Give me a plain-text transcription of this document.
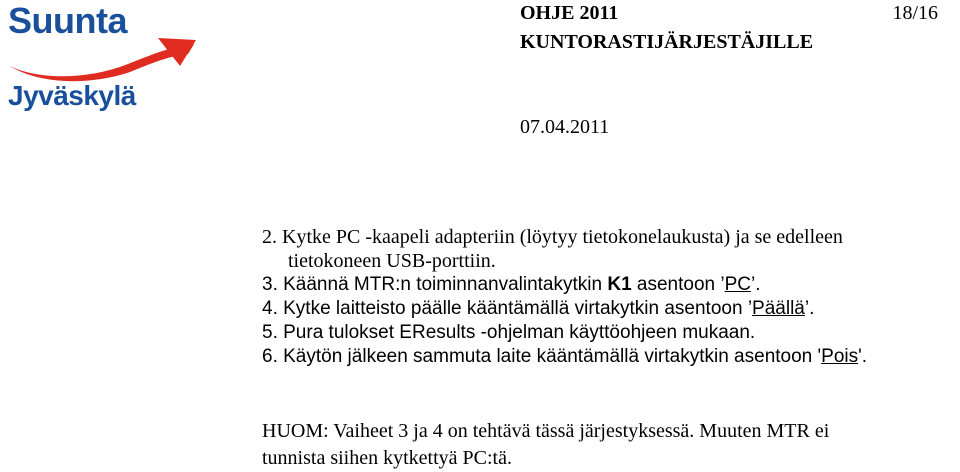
Suunta
Jyväskylä
OHJE 2011	18/16
KUNTORASTIJÄRJESTÄJILLE
07.04.2011
2. Kytke PC -kaapeli adapteriin (löytyy tietokonelaukusta) ja se edelleen
tietokoneen USB-porttiin.
3. Käännä MTR:n toiminnanvalintakytkin K1 asentoon ’PC’.
4. Kytke laitteisto päälle kääntämällä virtakytkin asentoon ’Päällä’.
5. Pura tulokset EResults -ohjelman käyttöohjeen mukaan.
6. Käytön jälkeen sammuta laite kääntämällä virtakytkin asentoon 'Pois'.
HUOM: Vaiheet 3 ja 4 on tehtävä tässä järjestyksessä. Muuten MTR ei
tunnista siihen kytkettyä PC:tä.
